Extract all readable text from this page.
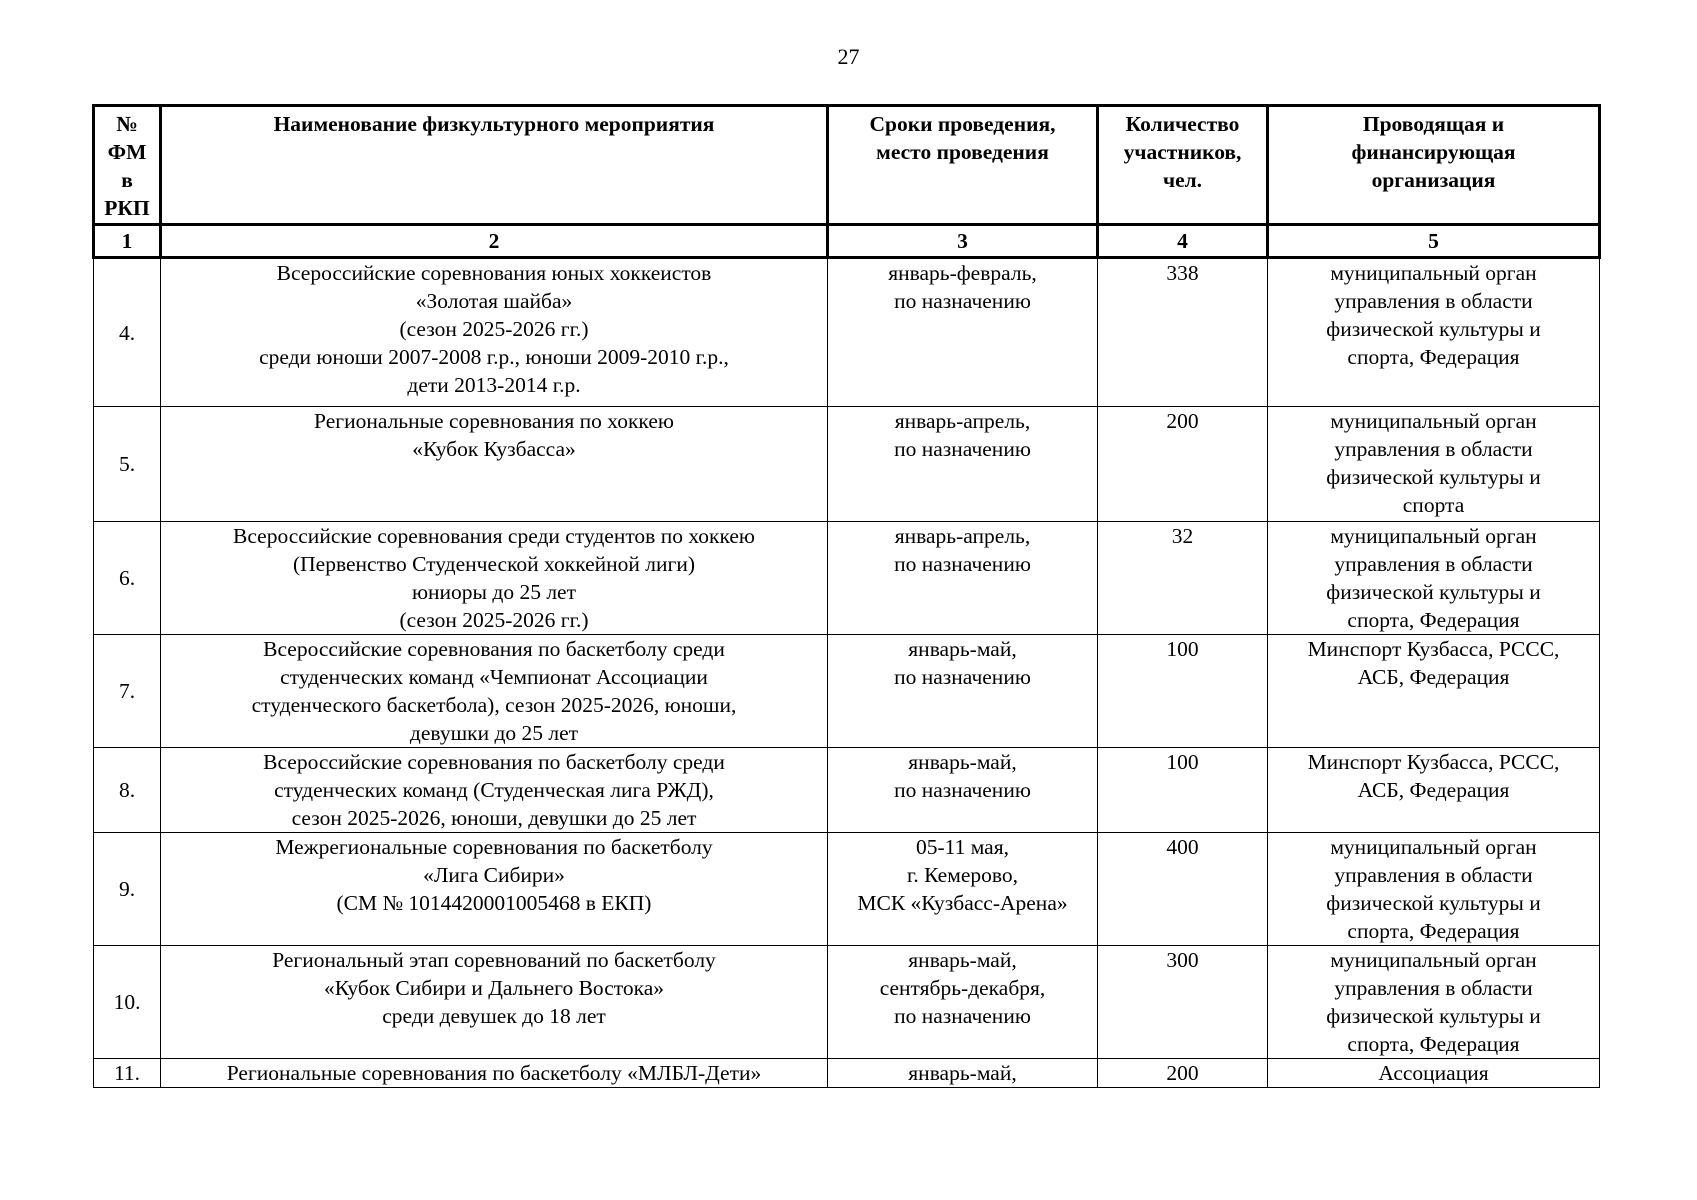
27
№
ФМ
в
РКП	Наименование физкультурного мероприятия	Сроки проведения,
место проведения	Количество
участников,
чел.	Проводящая и
финансирующая
организация

1	2	3	4	5
4.	Всероссийские соревнования юных хоккеистов
«Золотая шайба»
(сезон 2025-2026 гг.)
среди юноши 2007-2008 г.р., юноши 2009-2010 г.р.,
дети 2013-2014 г.р.	январь-февраль,
по назначению	338	муниципальный орган
управления в области
физической культуры и
спорта, Федерация

5.	Региональные соревнования по хоккею
«Кубок Кузбасса»	январь-апрель,
по назначению	200	муниципальный орган
управления в области
физической культуры и
спорта

6.	Всероссийские соревнования среди студентов по хоккею
(Первенство Студенческой хоккейной лиги)
юниоры до 25 лет
(сезон 2025-2026 гг.)	январь-апрель,
по назначению	32	муниципальный орган
управления в области
физической культуры и
спорта, Федерация

7.	Всероссийские соревнования по баскетболу среди
студенческих команд «Чемпионат Ассоциации
студенческого баскетбола), сезон 2025-2026, юноши,
девушки до 25 лет	январь-май,
по назначению	100	Минспорт Кузбасса, РССС,
АСБ, Федерация

8.	Всероссийские соревнования по баскетболу среди
студенческих команд (Студенческая лига РЖД),
сезон 2025-2026, юноши, девушки до 25 лет	январь-май,
по назначению	100	Минспорт Кузбасса, РССС,
АСБ, Федерация

9.	Межрегиональные соревнования по баскетболу
«Лига Сибири»
(СМ № 1014420001005468 в ЕКП)	05-11 мая,
г. Кемерово,
МСК «Кузбасс-Арена»	400	муниципальный орган
управления в области
физической культуры и
спорта, Федерация

10.	Региональный этап соревнований по баскетболу
«Кубок Сибири и Дальнего Востока»
среди девушек до 18 лет	январь-май,
сентябрь-декабря,
по назначению	300	муниципальный орган
управления в области
физической культуры и
спорта, Федерация

11.	Региональные соревнования по баскетболу «МЛБЛ-Дети»	январь-май,	200	Ассоциация
